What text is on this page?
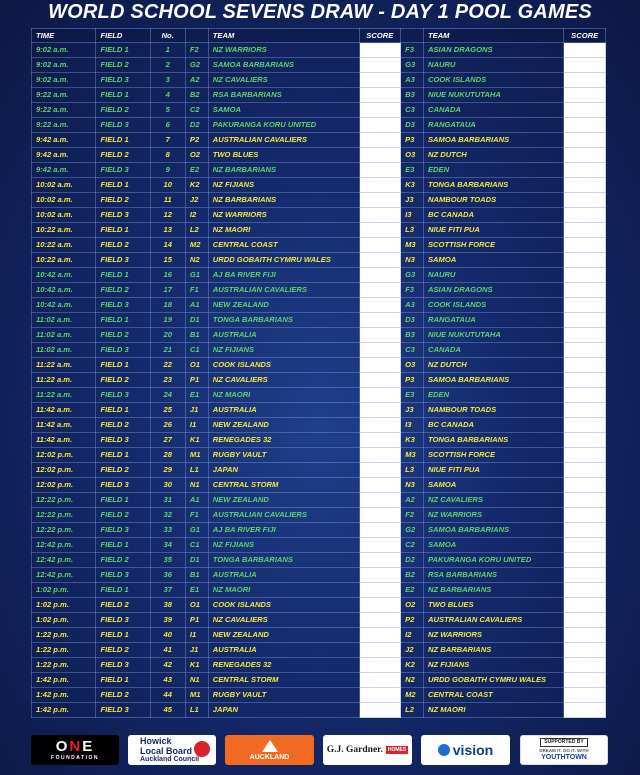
WORLD SCHOOL SEVENS DRAW - DAY 1 POOL GAMES
TIME	FIELD	No.		TEAM	SCORE		TEAM	SCORE
9:02 a.m.	FIELD 1	1	F2	NZ WARRIORS		F3	ASIAN DRAGONS	
9:02 a.m.	FIELD 2	2	G2	SAMOA BARBARIANS		G3	NAURU	
9:02 a.m.	FIELD 3	3	A2	NZ CAVALIERS		A3	COOK ISLANDS	
9:22 a.m.	FIELD 1	4	B2	RSA BARBARIANS		B3	NIUE NUKUTUTAHA	
9:22 a.m.	FIELD 2	5	C2	SAMOA		C3	CANADA	
9:22 a.m.	FIELD 3	6	D2	PAKURANGA KORU UNITED		D3	RANGATAUA	
9:42 a.m.	FIELD 1	7	P2	AUSTRALIAN CAVALIERS		P3	SAMOA BARBARIANS	
9:42 a.m.	FIELD 2	8	O2	TWO BLUES		O3	NZ DUTCH	
9:42 a.m.	FIELD 3	9	E2	NZ BARBARIANS		E3	EDEN	
10:02 a.m.	FIELD 1	10	K2	NZ FIJIANS		K3	TONGA BARBARIANS	
10:02 a.m.	FIELD 2	11	J2	NZ BARBARIANS		J3	NAMBOUR TOADS	
10:02 a.m.	FIELD 3	12	I2	NZ WARRIORS		I3	BC CANADA	
10:22 a.m.	FIELD 1	13	L2	NZ MAORI		L3	NIUE FITI PUA	
10:22 a.m.	FIELD 2	14	M2	CENTRAL COAST		M3	SCOTTISH FORCE	
10:22 a.m.	FIELD 3	15	N2	URDD GOBAITH CYMRU WALES		N3	SAMOA	
10:42 a.m.	FIELD 1	16	G1	AJ BA RIVER FIJI		G3	NAURU	
10:42 a.m.	FIELD 2	17	F1	AUSTRALIAN CAVALIERS		F3	ASIAN DRAGONS	
10:42 a.m.	FIELD 3	18	A1	NEW ZEALAND		A3	COOK ISLANDS	
11:02 a.m.	FIELD 1	19	D1	TONGA BARBARIANS		D3	RANGATAUA	
11:02 a.m.	FIELD 2	20	B1	AUSTRALIA		B3	NIUE NUKUTUTAHA	
11:02 a.m.	FIELD 3	21	C1	NZ FIJIANS		C3	CANADA	
11:22 a.m.	FIELD 1	22	O1	COOK ISLANDS		O3	NZ DUTCH	
11:22 a.m.	FIELD 2	23	P1	NZ CAVALIERS		P3	SAMOA BARBARIANS	
11:22 a.m.	FIELD 3	24	E1	NZ MAORI		E3	EDEN	
11:42 a.m.	FIELD 1	25	J1	AUSTRALIA		J3	NAMBOUR TOADS	
11:42 a.m.	FIELD 2	26	I1	NEW ZEALAND		I3	BC CANADA	
11:42 a.m.	FIELD 3	27	K1	RENEGADES 32		K3	TONGA BARBARIANS	
12:02 p.m.	FIELD 1	28	M1	RUGBY VAULT		M3	SCOTTISH FORCE	
12:02 p.m.	FIELD 2	29	L1	JAPAN		L3	NIUE FITI PUA	
12:02 p.m.	FIELD 3	30	N1	CENTRAL STORM		N3	SAMOA	
12:22 p.m.	FIELD 1	31	A1	NEW ZEALAND		A2	NZ CAVALIERS	
12:22 p.m.	FIELD 2	32	F1	AUSTRALIAN CAVALIERS		F2	NZ WARRIORS	
12:22 p.m.	FIELD 3	33	G1	AJ BA RIVER FIJI		G2	SAMOA BARBARIANS	
12:42 p.m.	FIELD 1	34	C1	NZ FIJIANS		C2	SAMOA	
12:42 p.m.	FIELD 2	35	D1	TONGA BARBARIANS		D2	PAKURANGA KORU UNITED	
12:42 p.m.	FIELD 3	36	B1	AUSTRALIA		B2	RSA BARBARIANS	
1:02 p.m.	FIELD 1	37	E1	NZ MAORI		E2	NZ BARBARIANS	
1:02 p.m.	FIELD 2	38	O1	COOK ISLANDS		O2	TWO BLUES	
1:02 p.m.	FIELD 3	39	P1	NZ CAVALIERS		P2	AUSTRALIAN CAVALIERS	
1:22 p.m.	FIELD 1	40	I1	NEW ZEALAND		I2	NZ WARRIORS	
1:22 p.m.	FIELD 2	41	J1	AUSTRALIA		J2	NZ BARBARIANS	
1:22 p.m.	FIELD 3	42	K1	RENEGADES 32		K2	NZ FIJIANS	
1:42 p.m.	FIELD 1	43	N1	CENTRAL STORM		N2	URDD GOBAITH CYMRU WALES	
1:42 p.m.	FIELD 2	44	M1	RUGBY VAULT		M2	CENTRAL COAST	
1:42 p.m.	FIELD 3	45	L1	JAPAN		L2	NZ MAORI	
ONE
FOUNDATION
Howick
Local Board
Auckland Council	AUCKLAND
G.J. Gardner.	HOMES	vision	SUPPORTED BY
DREAM IT. DO IT. WITH
YOUTHTOWN
